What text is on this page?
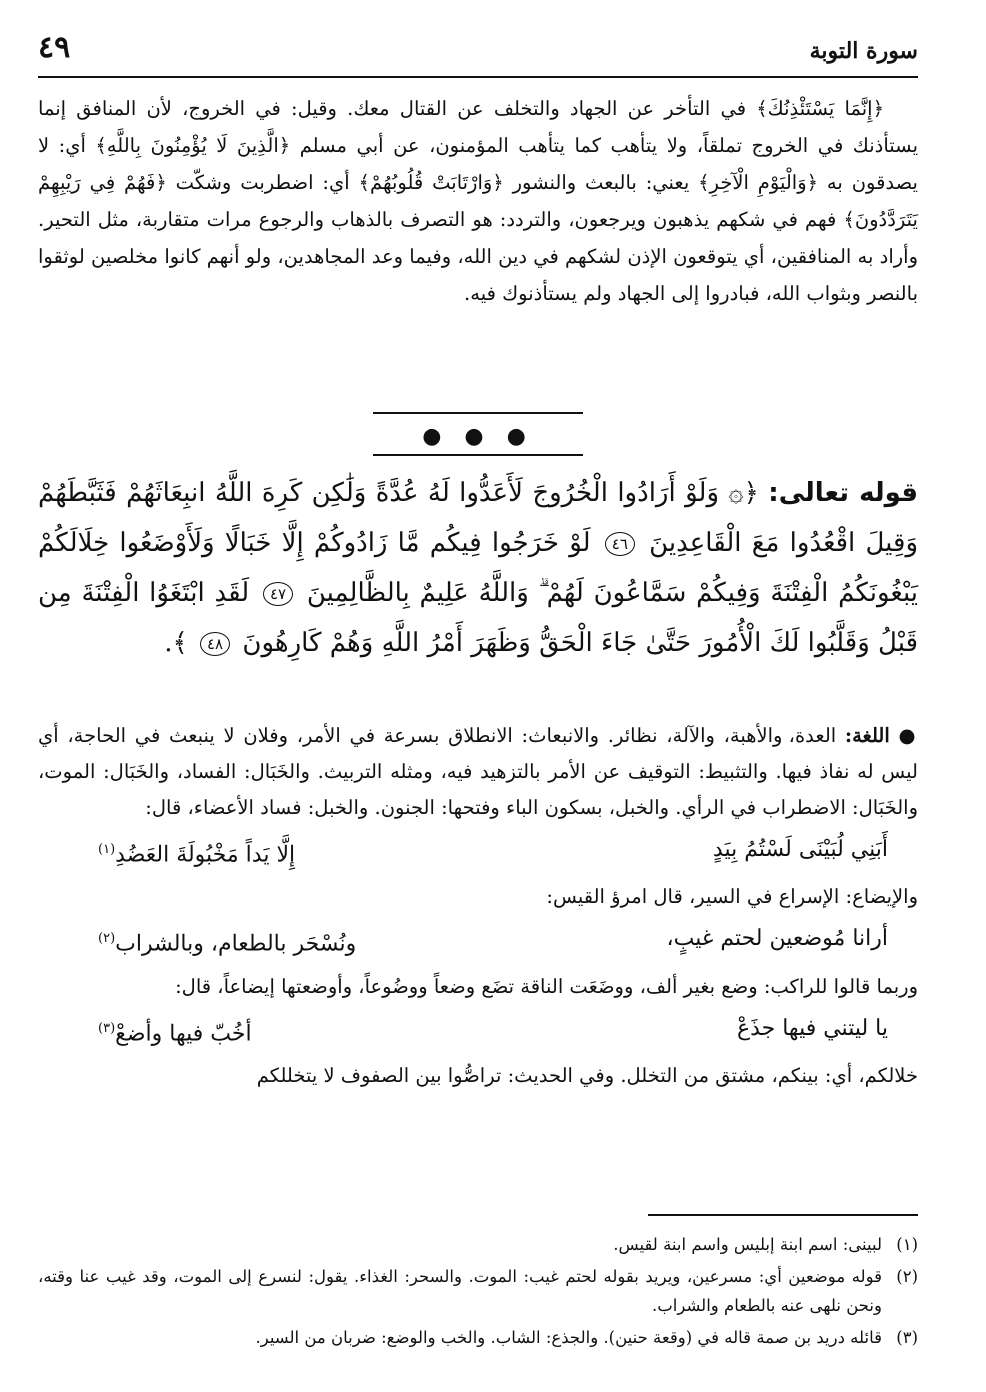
سورة التوبة
٤٩

﴿إِنَّمَا يَسْتَئْذِنُكَ﴾ في التأخر عن الجهاد والتخلف عن القتال معك. وقيل: في الخروج، لأن المنافق إنما يستأذنك في الخروج تملقاً، ولا يتأهب كما يتأهب المؤمنون، عن أبي مسلم ﴿الَّذِينَ لَا يُؤْمِنُونَ بِاللَّهِ﴾ أي: لا يصدقون به ﴿وَالْيَوْمِ الْآخِرِ﴾ يعني: بالبعث والنشور ﴿وَارْتَابَتْ قُلُوبُهُمْ﴾ أي: اضطربت وشكّت ﴿فَهُمْ فِي رَيْبِهِمْ يَتَرَدَّدُونَ﴾ فهم في شكهم يذهبون ويرجعون، والتردد: هو التصرف بالذهاب والرجوع مرات متقاربة، مثل التحير. وأراد به المنافقين، أي يتوقعون الإذن لشكهم في دين الله، وفيما وعد المجاهدين، ولو أنهم كانوا مخلصين لوثقوا بالنصر وبثواب الله، فبادروا إلى الجهاد ولم يستأذنوك فيه.

● ● ●
قوله تعالى: ﴿۞ وَلَوْ أَرَادُوا الْخُرُوجَ لَأَعَدُّوا لَهُ عُدَّةً وَلَٰكِن كَرِهَ اللَّهُ انبِعَاثَهُمْ فَثَبَّطَهُمْ وَقِيلَ اقْعُدُوا مَعَ الْقَاعِدِينَ ٤٦ لَوْ خَرَجُوا فِيكُم مَّا زَادُوكُمْ إِلَّا خَبَالًا وَلَأَوْضَعُوا خِلَالَكُمْ يَبْغُونَكُمُ الْفِتْنَةَ وَفِيكُمْ سَمَّاعُونَ لَهُمْ ۗ وَاللَّهُ عَلِيمٌ بِالظَّالِمِينَ ٤٧ لَقَدِ ابْتَغَوُا الْفِتْنَةَ مِن قَبْلُ وَقَلَّبُوا لَكَ الْأُمُورَ حَتَّىٰ جَاءَ الْحَقُّ وَظَهَرَ أَمْرُ اللَّهِ وَهُمْ كَارِهُونَ ٤٨ ﴾.

● اللغة: العدة، والأهبة، والآلة، نظائر. والانبعاث: الانطلاق بسرعة في الأمر، وفلان لا ينبعث في الحاجة، أي ليس له نفاذ فيها. والتثبيط: التوقيف عن الأمر بالتزهيد فيه، ومثله التربيث. والخَبَال: الفساد، والخَبَال: الموت، والخَبَال: الاضطراب في الرأي. والخبل، بسكون الباء وفتحها: الجنون. والخبل: فساد الأعضاء، قال:

أَبَنِي لُبَيْنَى لَسْتُمُ بِيَدٍ
إِلَّا يَداً مَخْبُولَةَ العَضُدِ$^{(١)}$

والإيضاع: الإسراع في السير، قال امرؤ القيس:

أرانا مُوضعين لحتم غيبٍ،
ونُسْحَر بالطعام، وبالشراب$^{(٢)}$

وربما قالوا للراكب: وضع بغير ألف، ووضَعَت الناقة تضَع وضعاً ووضُوعاً، وأوضعتها إيضاعاً، قال:

يا ليتني فيها جذَعْ
أخُبّ فيها وأضعْ$^{(٣)}$

خلالكم، أي: بينكم، مشتق من التخلل. وفي الحديث: تراصُّوا بين الصفوف لا يتخللكم

(١)
لبينى: اسم ابنة إبليس واسم ابنة لقيس.
(٢)
قوله موضعين أي: مسرعين، ويريد بقوله لحتم غيب: الموت. والسحر: الغذاء. يقول: لنسرع إلى الموت، وقد غيب عنا وقته، ونحن نلهى عنه بالطعام والشراب.
(٣)
قائله دريد بن صمة قاله في (وقعة حنين). والجذع: الشاب. والخب والوضع: ضربان من السير.
